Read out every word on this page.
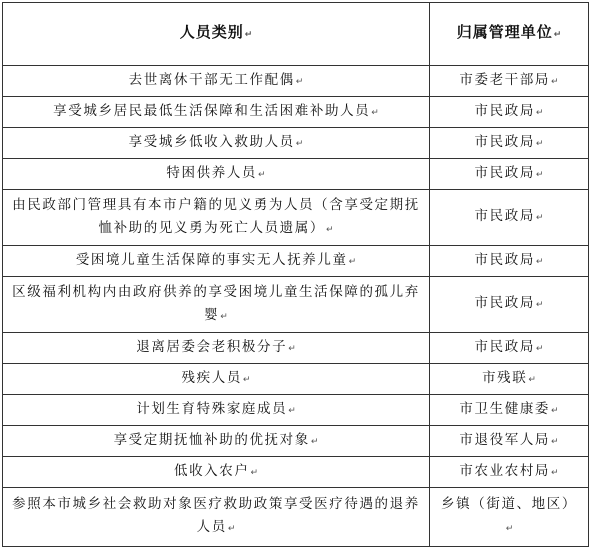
人员类别↵	归属管理单位↵
去世离休干部无工作配偶↵	市委老干部局↵
享受城乡居民最低生活保障和生活困难补助人员↵	市民政局↵
享受城乡低收入救助人员↵	市民政局↵
特困供养人员↵	市民政局↵
由民政部门管理具有本市户籍的见义勇为人员（含享受定期抚恤补助的见义勇为死亡人员遗属）↵	市民政局↵
受困境儿童生活保障的事实无人抚养儿童↵	市民政局↵
区级福利机构内由政府供养的享受困境儿童生活保障的孤儿弃婴↵	市民政局↵
退离居委会老积极分子↵	市民政局↵
残疾人员↵	市残联↵
计划生育特殊家庭成员↵	市卫生健康委↵
享受定期抚恤补助的优抚对象↵	市退役军人局↵
低收入农户↵	市农业农村局↵
参照本市城乡社会救助对象医疗救助政策享受医疗待遇的退养人员↵	乡镇（街道、地区）↵
